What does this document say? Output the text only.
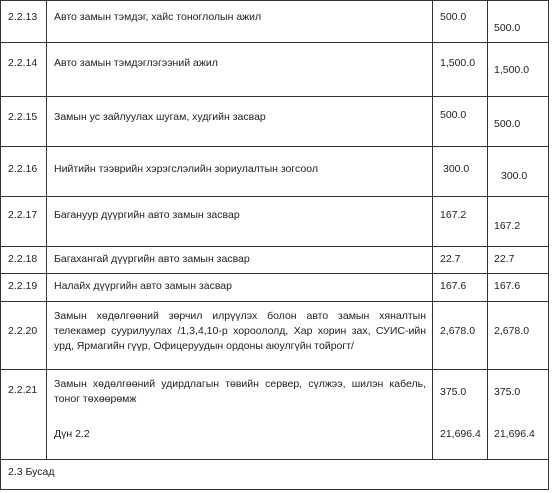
2.2.13	Авто замын тэмдэг, хайс тоноглолын ажил	500.0	500.0

2.2.14	Авто замын тэмдэглэгээний ажил	1,500.0	1,500.0

2.2.15	Замын ус зайлуулах шугам, худгийн засвар	500.0	500.0

2.2.16	Нийтийн тээврийн хэрэгслэлийн зориулалтын зогсоол	300.0	300.0

2.2.17	Багануур дүүргийн авто замын засвар	167.2	167.2

2.2.18	Багахангай дүүргийн авто замын засвар	22.7	22.7

2.2.19	Налайх дүүргийн авто замын засвар	167.6	167.6

2.2.20	Замын хөдөлгөөний зөрчил илрүүлэх болон авто замын хяналтын телекамер суурилуулах /1,3,4,10-р хороололд, Хар хорин зах, СУИС-ийн урд, Ярмагийн гүүр, Офицеруудын ордоны аюулгүйн тойрогт/	2,678.0	2,678.0

2.2.21	Замын хөдөлгөөний удирдлагын төвийн сервер, сүлжээ, шилэн кабель, тоног төхөөрөмж	375.0	375.0

	Дүн 2.2	21,696.4	21,696.4

2.3 Бусад			
